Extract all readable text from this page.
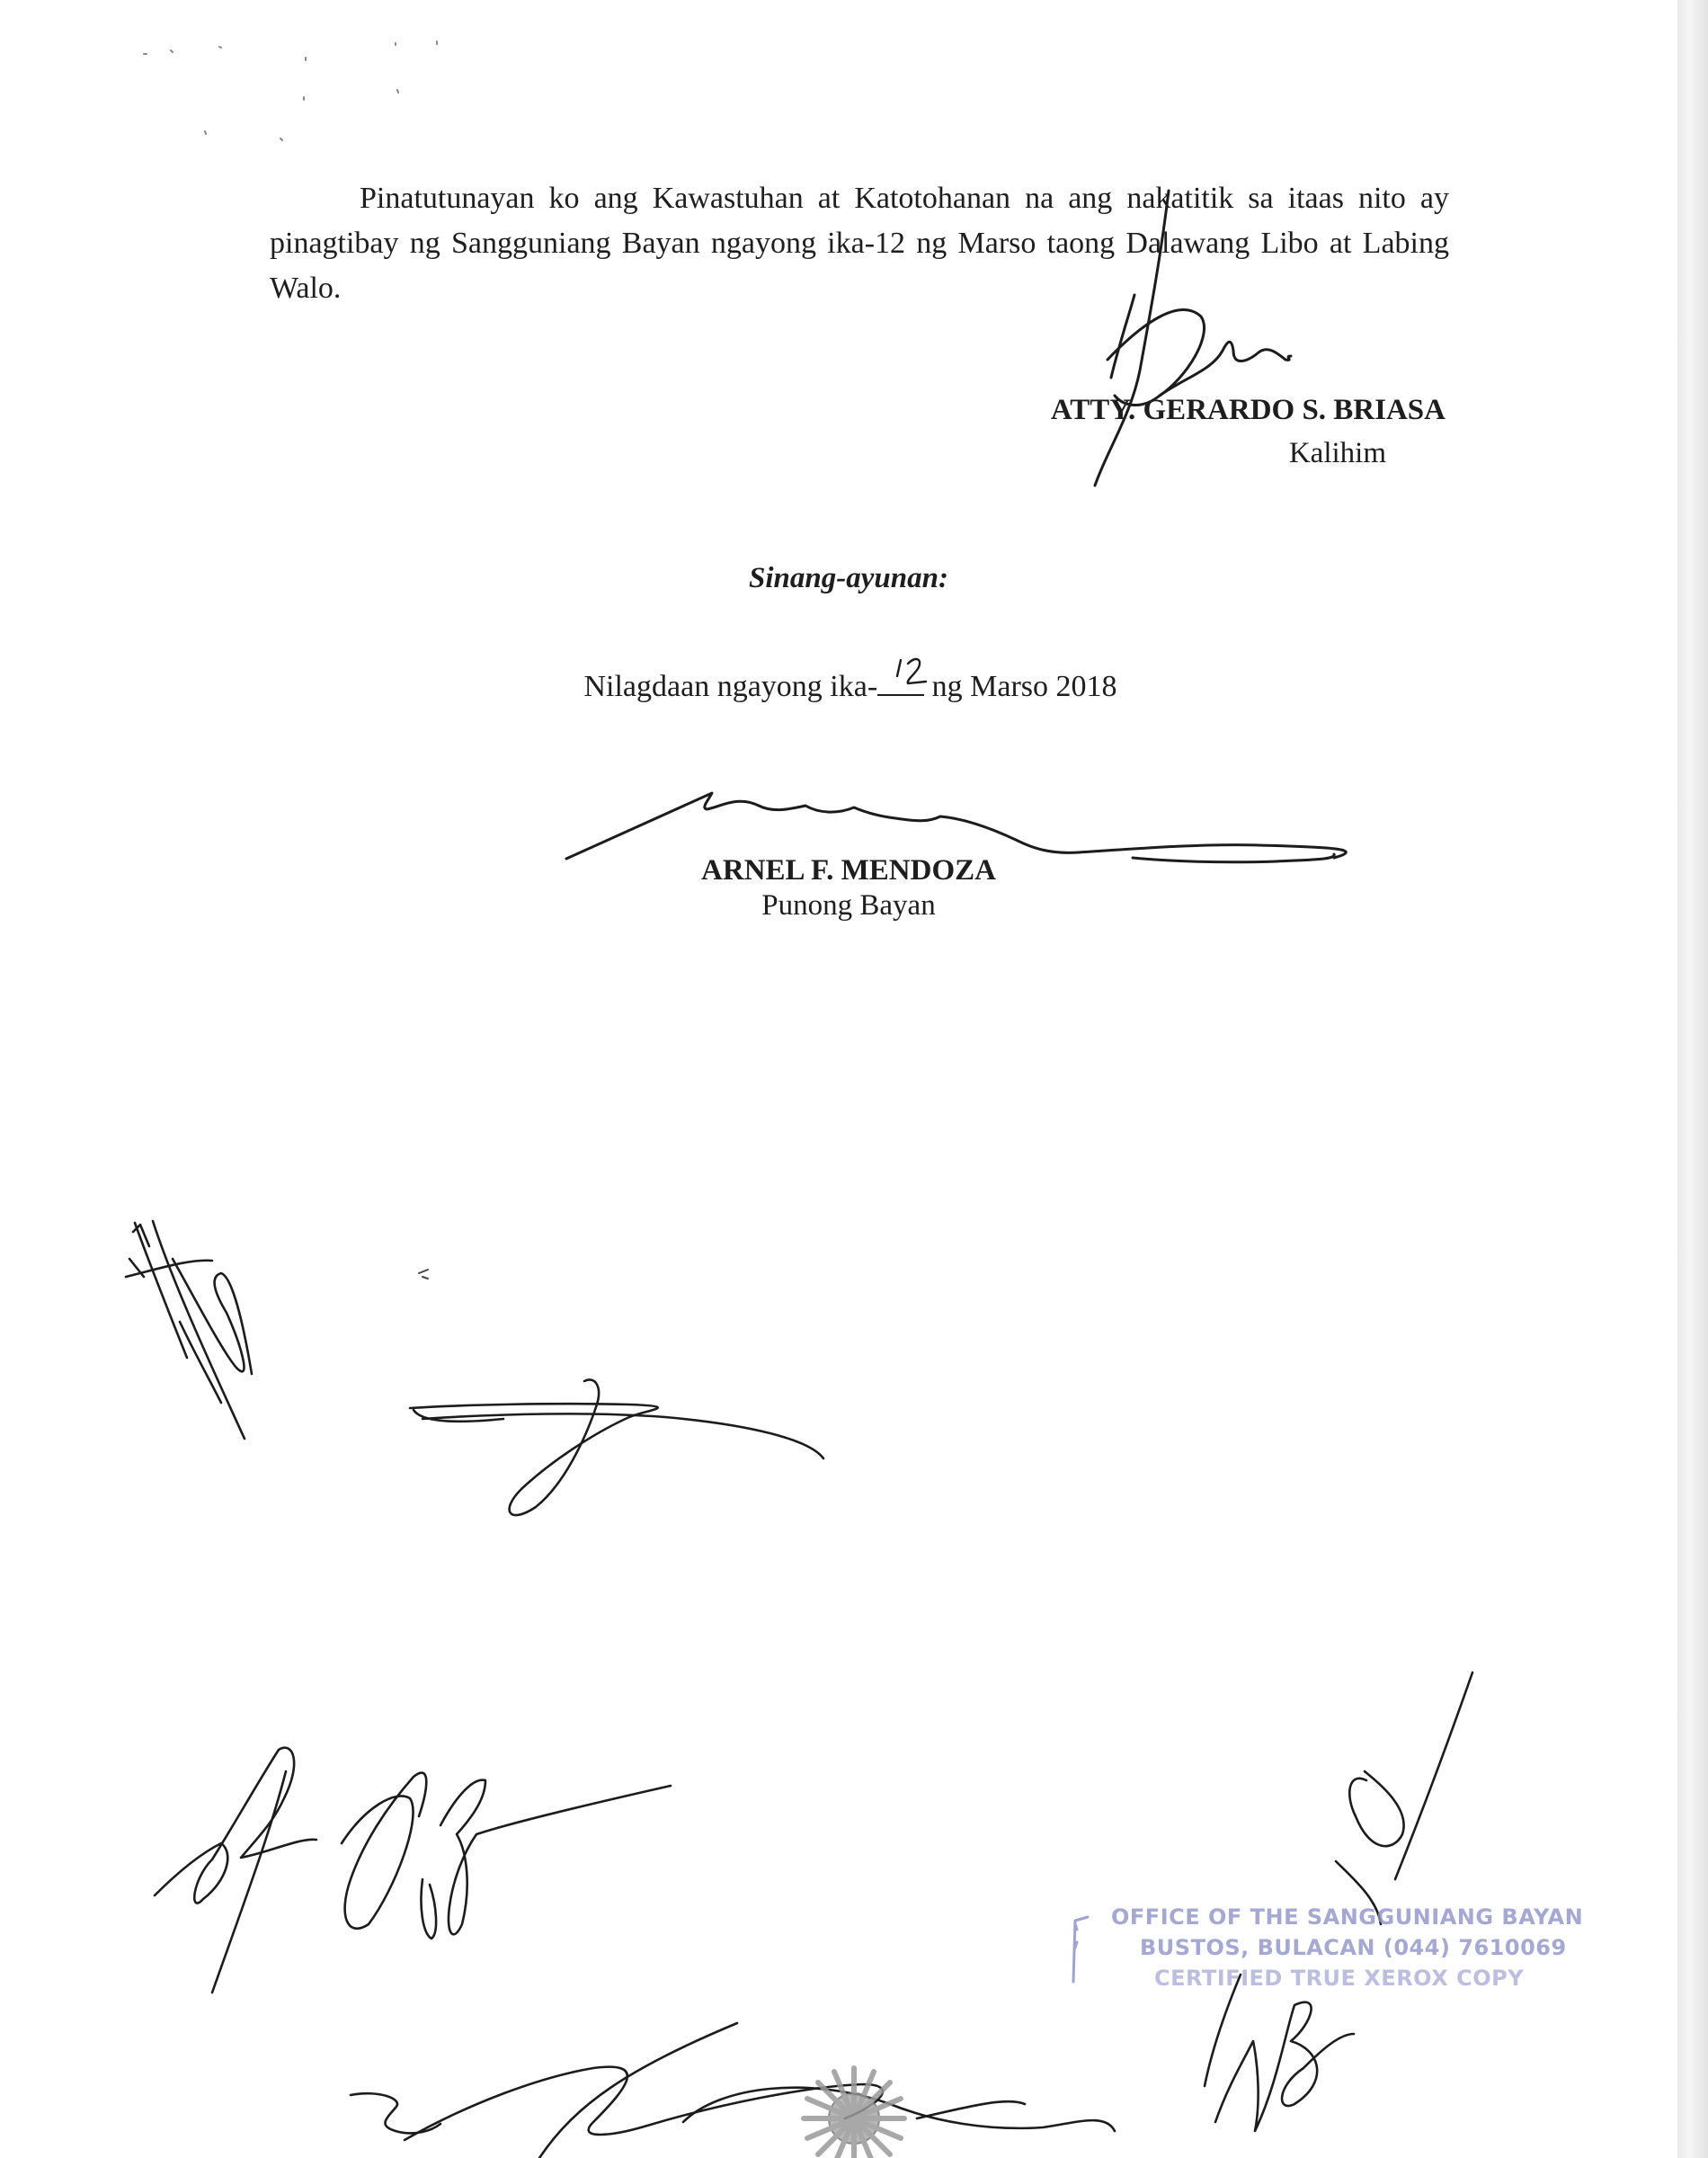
Pinatutunayan ko ang Kawastuhan at Katotohanan na ang nakatitik sa itaas nito ay pinagtibay ng Sangguniang Bayan ngayong ika-12 ng Marso taong Dalawang Libo at Labing Walo.

ATTY. GERARDO S. BRIASA
Kalihim
Sinang-ayunan:
Nilagdaan ngayong ika-
ng Marso 2018
ARNEL F. MENDOZA
Punong Bayan
OFFICE OF THE SANGGUNIANG BAYAN
BUSTOS, BULACAN (044) 7610069
CERTIFIED TRUE XEROX COPY
